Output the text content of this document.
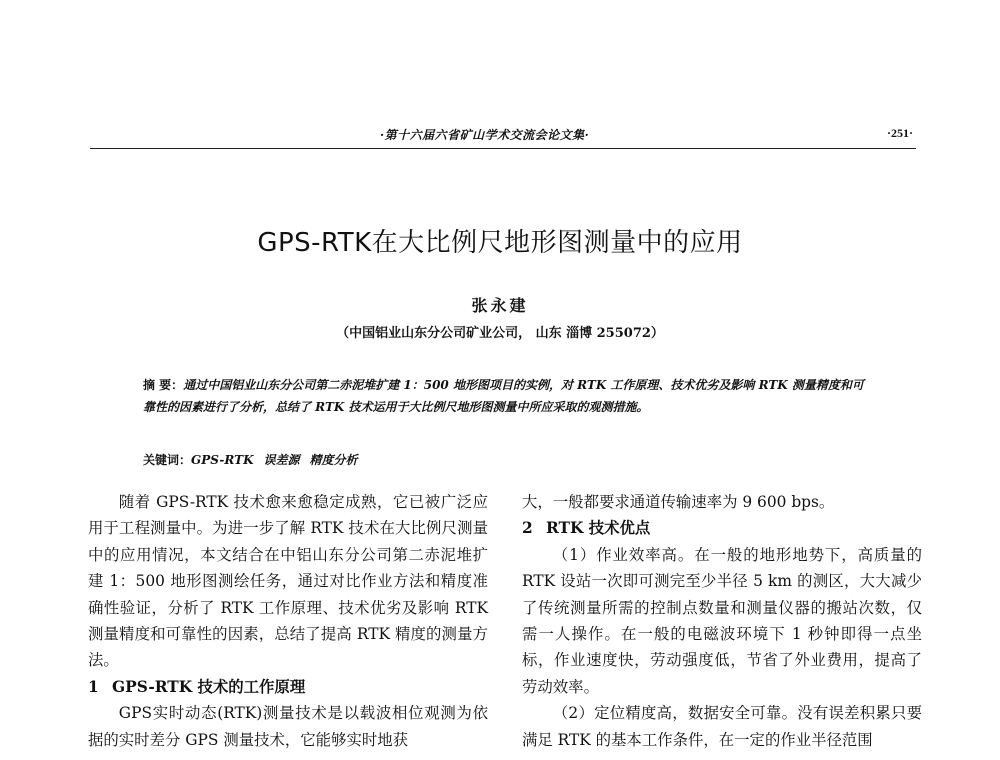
·第十六届六省矿山学术交流会论文集·	·251·
GPS-RTK在大比例尺地形图测量中的应用
张永建
（中国铝业山东分公司矿业公司， 山东 淄博 255072）
摘 要：通过中国铝业山东分公司第二赤泥堆扩建 1：500 地形图项目的实例，对 RTK 工作原理、技术优劣及影响 RTK 测量精度和可靠性的因素进行了分析，总结了 RTK 技术运用于大比例尺地形图测量中所应采取的观测措施。
关键词：GPS-RTK 误差源 精度分析

随着 GPS-RTK 技术愈来愈稳定成熟，它已被广泛应用于工程测量中。为进一步了解 RTK 技术在大比例尺测量中的应用情况，本文结合在中铝山东分公司第二赤泥堆扩建 1：500 地形图测绘任务，通过对比作业方法和精度准确性验证，分析了 RTK 工作原理、技术优劣及影响 RTK 测量精度和可靠性的因素，总结了提高 RTK 精度的测量方法。

1 GPS-RTK 技术的工作原理

GPS实时动态(RTK)测量技术是以载波相位观测为依据的实时差分 GPS 测量技术，它能够实时地获

大，一般都要求通道传输速率为 9 600 bps。

2 RTK 技术优点

（1）作业效率高。在一般的地形地势下，高质量的 RTK 设站一次即可测完至少半径 5 km 的测区，大大减少了传统测量所需的控制点数量和测量仪器的搬站次数，仅需一人操作。在一般的电磁波环境下 1 秒钟即得一点坐标，作业速度快，劳动强度低，节省了外业费用，提高了劳动效率。

（2）定位精度高，数据安全可靠。没有误差积累只要满足 RTK 的基本工作条件，在一定的作业半径范围
